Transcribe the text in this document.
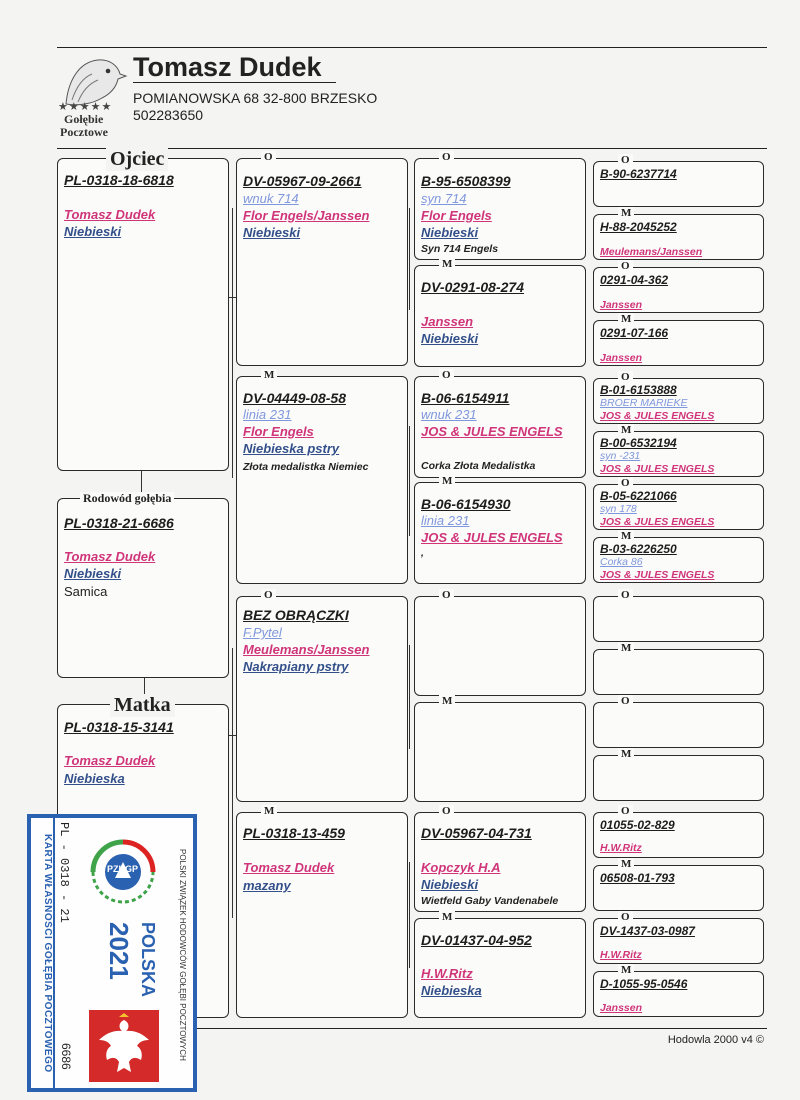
★★★★★
Gołębie
Pocztowe
Tomasz Dudek
POMIANOWSKA 68 32-800 BRZESKO
502283650
Ojciec
PL-0318-18-6818
Tomasz Dudek
Niebieski
Rodowód gołębia
PL-0318-21-6686
Tomasz Dudek
Niebieski
Samica
Matka
PL-0318-15-3141
Tomasz Dudek
Niebieska
O
DV-05967-09-2661
wnuk 714
Flor Engels/Janssen
Niebieski
M
DV-04449-08-58
linia 231
Flor Engels
Niebieska pstry
Złota medalistka Niemiec
O
BEZ OBRĄCZKI
F.Pytel
Meulemans/Janssen
Nakrapiany pstry
M
PL-0318-13-459
Tomasz Dudek
mazany
O
B-95-6508399
syn 714
Flor Engels
Niebieski
Syn 714 Engels
M
DV-0291-08-274
Janssen
Niebieski
O
B-06-6154911
wnuk 231
JOS & JULES ENGELS
Corka Złota Medalistka
M
B-06-6154930
linia 231
JOS & JULES ENGELS
,
O
M
O
DV-05967-04-731
Kopczyk H.A
Niebieski
Wietfeld Gaby Vandenabele
M
DV-01437-04-952
H.W.Ritz
Niebieska
O
B-90-6237714
M
H-88-2045252
Meulemans/Janssen
O
0291-04-362
Janssen
M
0291-07-166
Janssen
O
B-01-6153888
BROER MARIEKE
JOS & JULES ENGELS
M
B-00-6532194
syn -231
JOS & JULES ENGELS
O
B-05-6221066
syn 178
JOS & JULES ENGELS
M
B-03-6226250
Corka 86
JOS & JULES ENGELS
O
M
O
M
O
01055-02-829
H.W.Ritz
M
06508-01-793
O
DV-1437-03-0987
H.W.Ritz
M
D-1055-95-0546
Janssen
Hodowla 2000 v4 ©
KARTA WŁASNOŚCI GOŁĘBIA POCZTOWEGO PL - 0318 - 21
6686
PZHGP	POLSKI ZWIĄZEK HODOWCÓW GOŁĘBI POCZTOWYCH
POLSKA
2021
